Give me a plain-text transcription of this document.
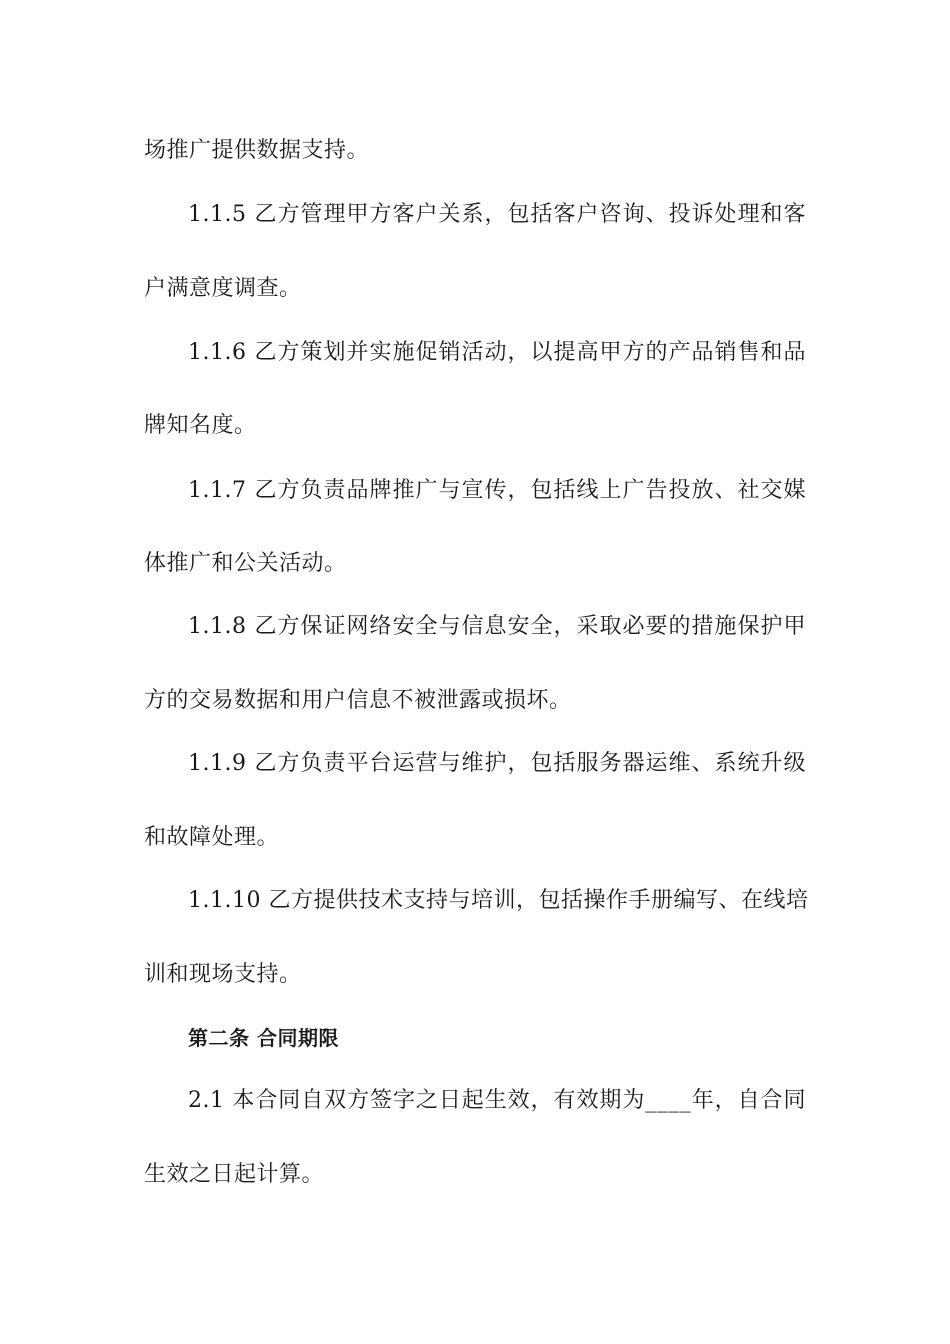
场推广提供数据支持。
1.1.5 乙方管理甲方客户关系，包括客户咨询、投诉处理和客
户满意度调查。
1.1.6 乙方策划并实施促销活动，以提高甲方的产品销售和品
牌知名度。
1.1.7 乙方负责品牌推广与宣传，包括线上广告投放、社交媒
体推广和公关活动。
1.1.8 乙方保证网络安全与信息安全，采取必要的措施保护甲
方的交易数据和用户信息不被泄露或损坏。
1.1.9 乙方负责平台运营与维护，包括服务器运维、系统升级
和故障处理。
1.1.10 乙方提供技术支持与培训，包括操作手册编写、在线培
训和现场支持。
第二条 合同期限
2.1 本合同自双方签字之日起生效，有效期为____年，自合同
生效之日起计算。
